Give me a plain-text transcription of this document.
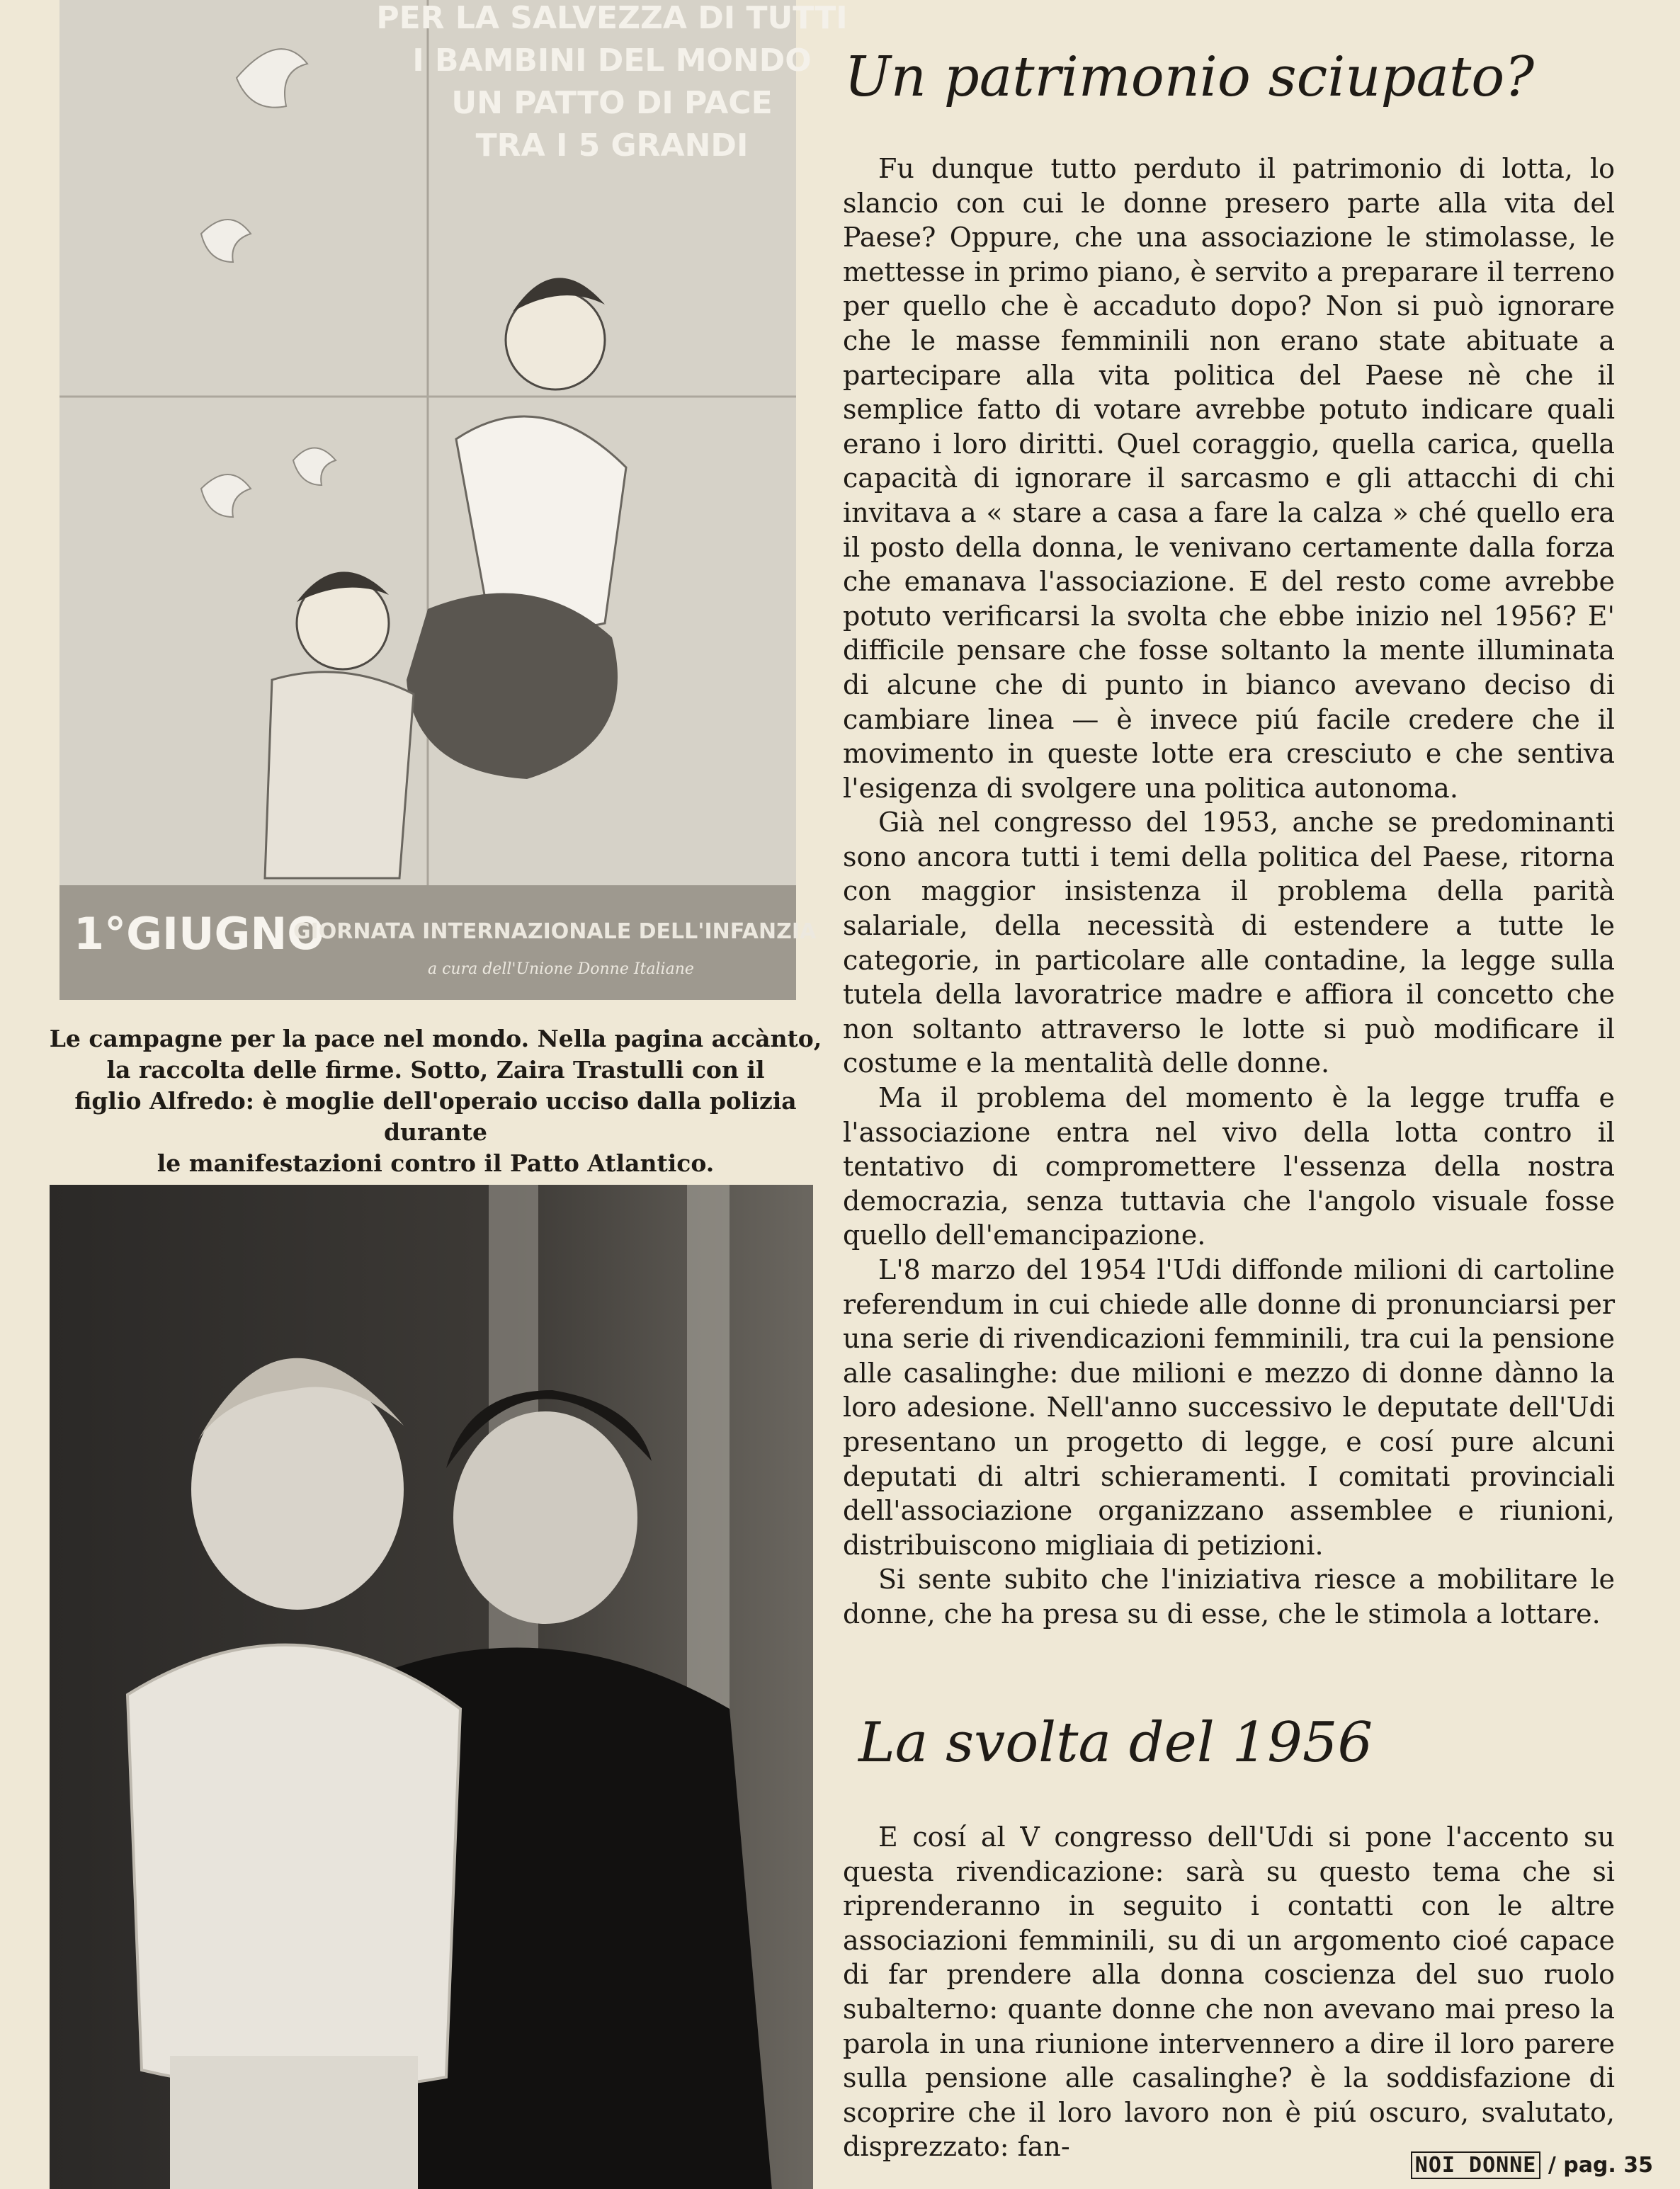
PER LA SALVEZZA DI TUTTI
I BAMBINI DEL MONDO
UN PATTO DI PACE
TRA I 5 GRANDI
1°GIUGNO
GIORNATA INTERNAZIONALE DELL'INFANZIA
a cura dell'Unione Donne Italiane

Le campagne per la pace nel mondo. Nella pagina accànto,
la raccolta delle firme. Sotto, Zaira Trastulli con il
figlio Alfredo: è moglie dell'operaio ucciso dalla polizia durante
le manifestazioni contro il Patto Atlantico.

Un patrimonio sciupato?

Fu dunque tutto perduto il patrimonio di lotta, lo slancio con cui le donne presero parte alla vita del Paese? Oppure, che una associazione le stimolasse, le mettesse in primo piano, è servito a preparare il terreno per quello che è accaduto dopo? Non si può ignorare che le masse femminili non erano state abituate a partecipare alla vita politica del Paese nè che il semplice fatto di votare avrebbe potuto indicare quali erano i loro diritti. Quel coraggio, quella carica, quella capacità di ignorare il sarcasmo e gli attacchi di chi invitava a « stare a casa a fare la calza » ché quello era il posto della donna, le venivano certamente dalla forza che emanava l'associazione. E del resto come avrebbe potuto verificarsi la svolta che ebbe inizio nel 1956? E' difficile pensare che fosse soltanto la mente illuminata di alcune che di punto in bianco avevano deciso di cambiare linea — è invece piú facile credere che il movimento in queste lotte era cresciuto e che sentiva l'esigenza di svolgere una politica autonoma.

Già nel congresso del 1953, anche se predominanti sono ancora tutti i temi della politica del Paese, ritorna con maggior insistenza il problema della parità salariale, della necessità di estendere a tutte le categorie, in particolare alle contadine, la legge sulla tutela della lavoratrice madre e affiora il concetto che non soltanto attraverso le lotte si può modificare il costume e la mentalità delle donne.

Ma il problema del momento è la legge truffa e l'associazione entra nel vivo della lotta contro il tentativo di compromettere l'essenza della nostra democrazia, senza tuttavia che l'angolo visuale fosse quello dell'emancipazione.

L'8 marzo del 1954 l'Udi diffonde milioni di cartoline referendum in cui chiede alle donne di pronunciarsi per una serie di rivendicazioni femminili, tra cui la pensione alle casalinghe: due milioni e mezzo di donne dànno la loro adesione. Nell'anno successivo le deputate dell'Udi presentano un progetto di legge, e cosí pure alcuni deputati di altri schieramenti. I comitati provinciali dell'associazione organizzano assemblee e riunioni, distribuiscono migliaia di petizioni.

Si sente subito che l'iniziativa riesce a mobilitare le donne, che ha presa su di esse, che le stimola a lottare.

La svolta del 1956

E cosí al V congresso dell'Udi si pone l'accento su questa rivendicazione: sarà su questo tema che si riprenderanno in seguito i contatti con le altre associazioni femminili, su di un argomento cioé capace di far prendere alla donna coscienza del suo ruolo subalterno: quante donne che non avevano mai preso la parola in una riunione intervennero a dire il loro parere sulla pensione alle casalinghe? è la soddisfazione di scoprire che il loro lavoro non è piú oscuro, svalutato, disprezzato: fan-

NOI DONNE / pag. 35
